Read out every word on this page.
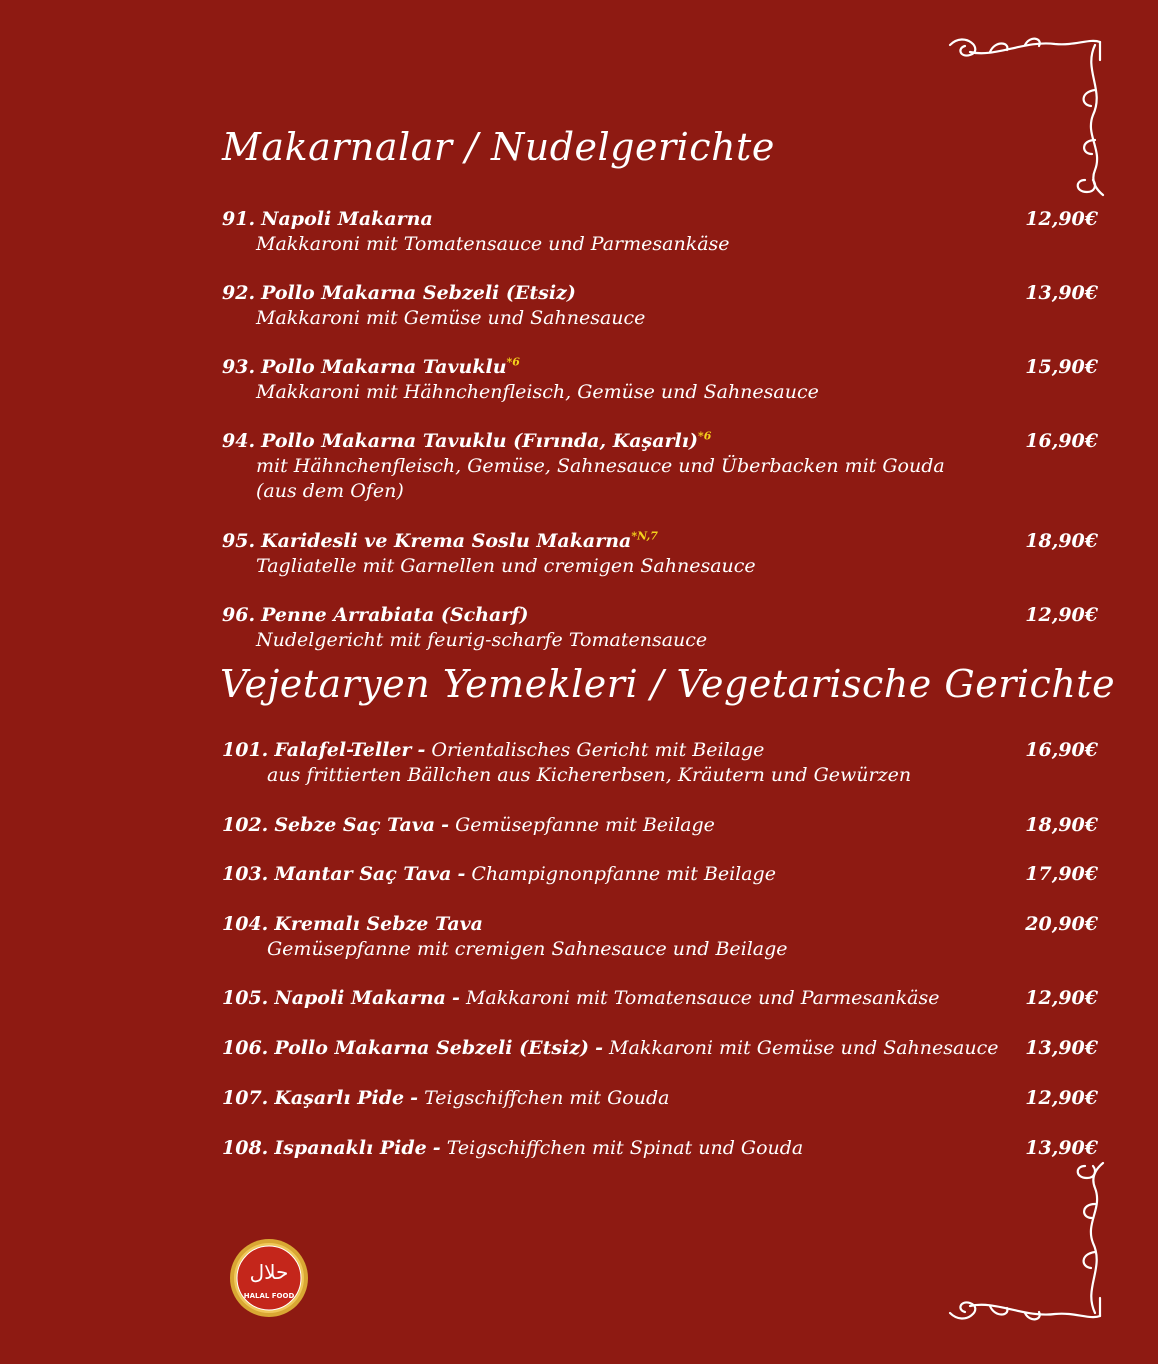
Makarnalar / Nudelgerichte
91. Napoli Makarna
Makkaroni mit Tomatensauce und Parmesankäse
12,90€
92. Pollo Makarna Sebzeli (Etsiz)
Makkaroni mit Gemüse und Sahnesauce
13,90€
93. Pollo Makarna Tavuklu$^{*6}$
Makkaroni mit Hähnchenfleisch, Gemüse und Sahnesauce
15,90€
94. Pollo Makarna Tavuklu (Fırında, Kaşarlı)$^{*6}$
mit Hähnchenfleisch, Gemüse, Sahnesauce und Überbacken mit Gouda
(aus dem Ofen)
16,90€
95. Karidesli ve Krema Soslu Makarna$^{*N,7}$
Tagliatelle mit Garnellen und cremigen Sahnesauce
18,90€
96. Penne Arrabiata (Scharf)
Nudelgericht mit feurig-scharfe Tomatensauce
12,90€
Vejetaryen Yemekleri / Vegetarische Gerichte
101. Falafel-Teller - Orientalisches Gericht mit Beilage
aus frittierten Bällchen aus Kichererbsen, Kräutern und Gewürzen
16,90€
102. Sebze Saç Tava - Gemüsepfanne mit Beilage	18,90€
103. Mantar Saç Tava - Champignonpfanne mit Beilage	17,90€
104. Kremalı Sebze Tava
Gemüsepfanne mit cremigen Sahnesauce und Beilage
20,90€
105. Napoli Makarna - Makkaroni mit Tomatensauce und Parmesankäse	12,90€
106. Pollo Makarna Sebzeli (Etsiz) - Makkaroni mit Gemüse und Sahnesauce	13,90€
107. Kaşarlı Pide - Teigschiffchen mit Gouda	12,90€
108. Ispanaklı Pide - Teigschiffchen mit Spinat und Gouda	13,90€
حلال
HALAL FOOD
